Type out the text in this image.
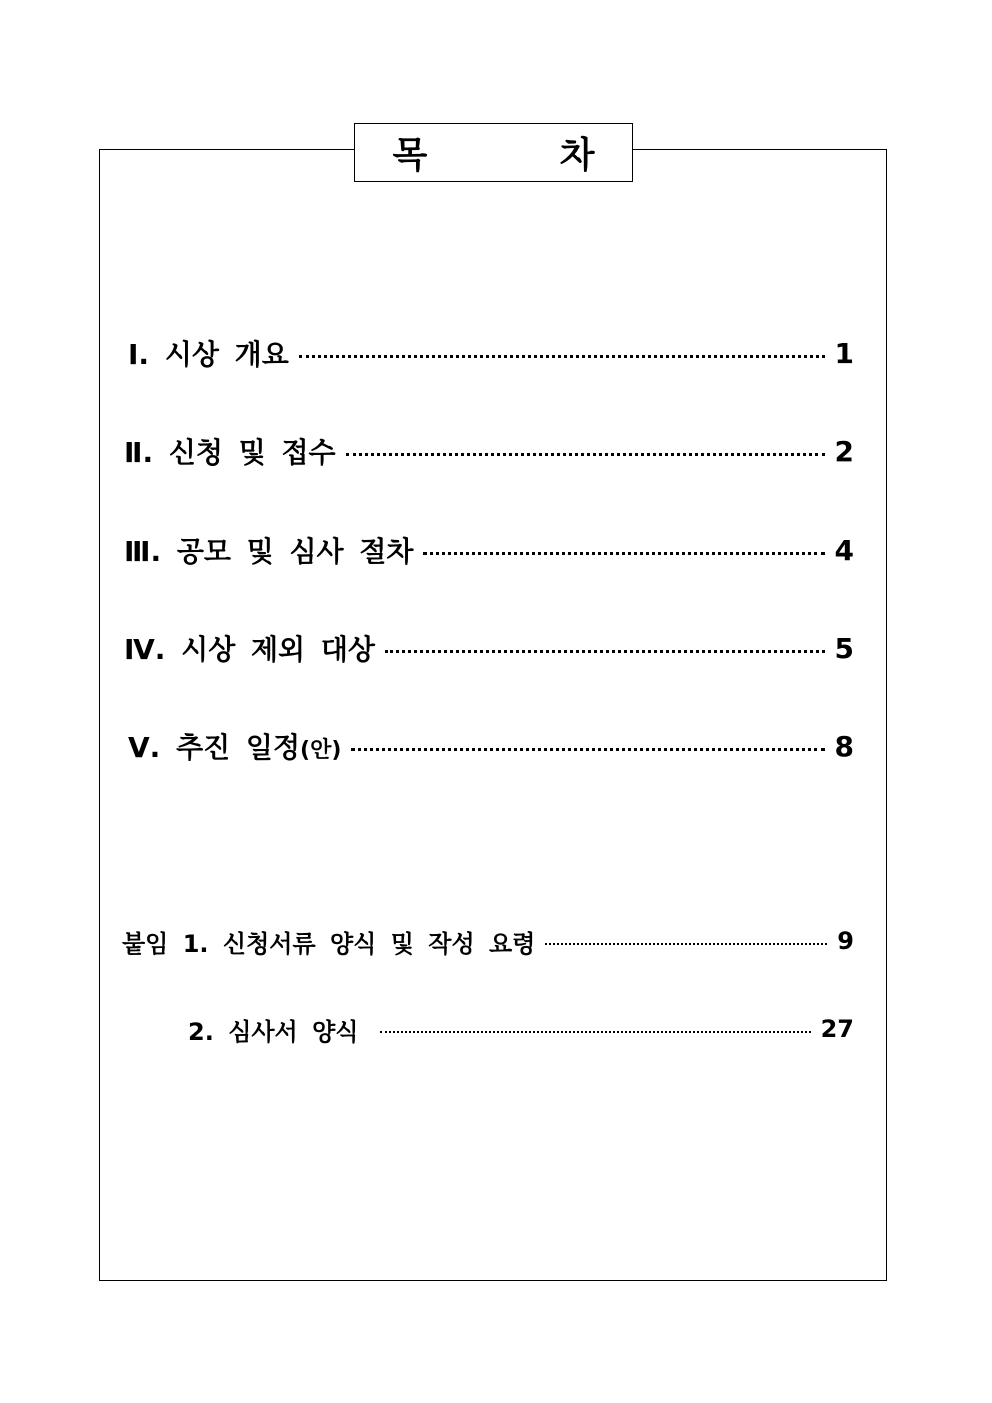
목 차
Ⅰ. 시상 개요	1
Ⅱ. 신청 및 접수	2
Ⅲ. 공모 및 심사 절차	4
Ⅳ. 시상 제외 대상	5
Ⅴ. 추진 일정(안)	8
붙임 1. 신청서류 양식 및 작성 요령	9
2. 심사서 양식	27
